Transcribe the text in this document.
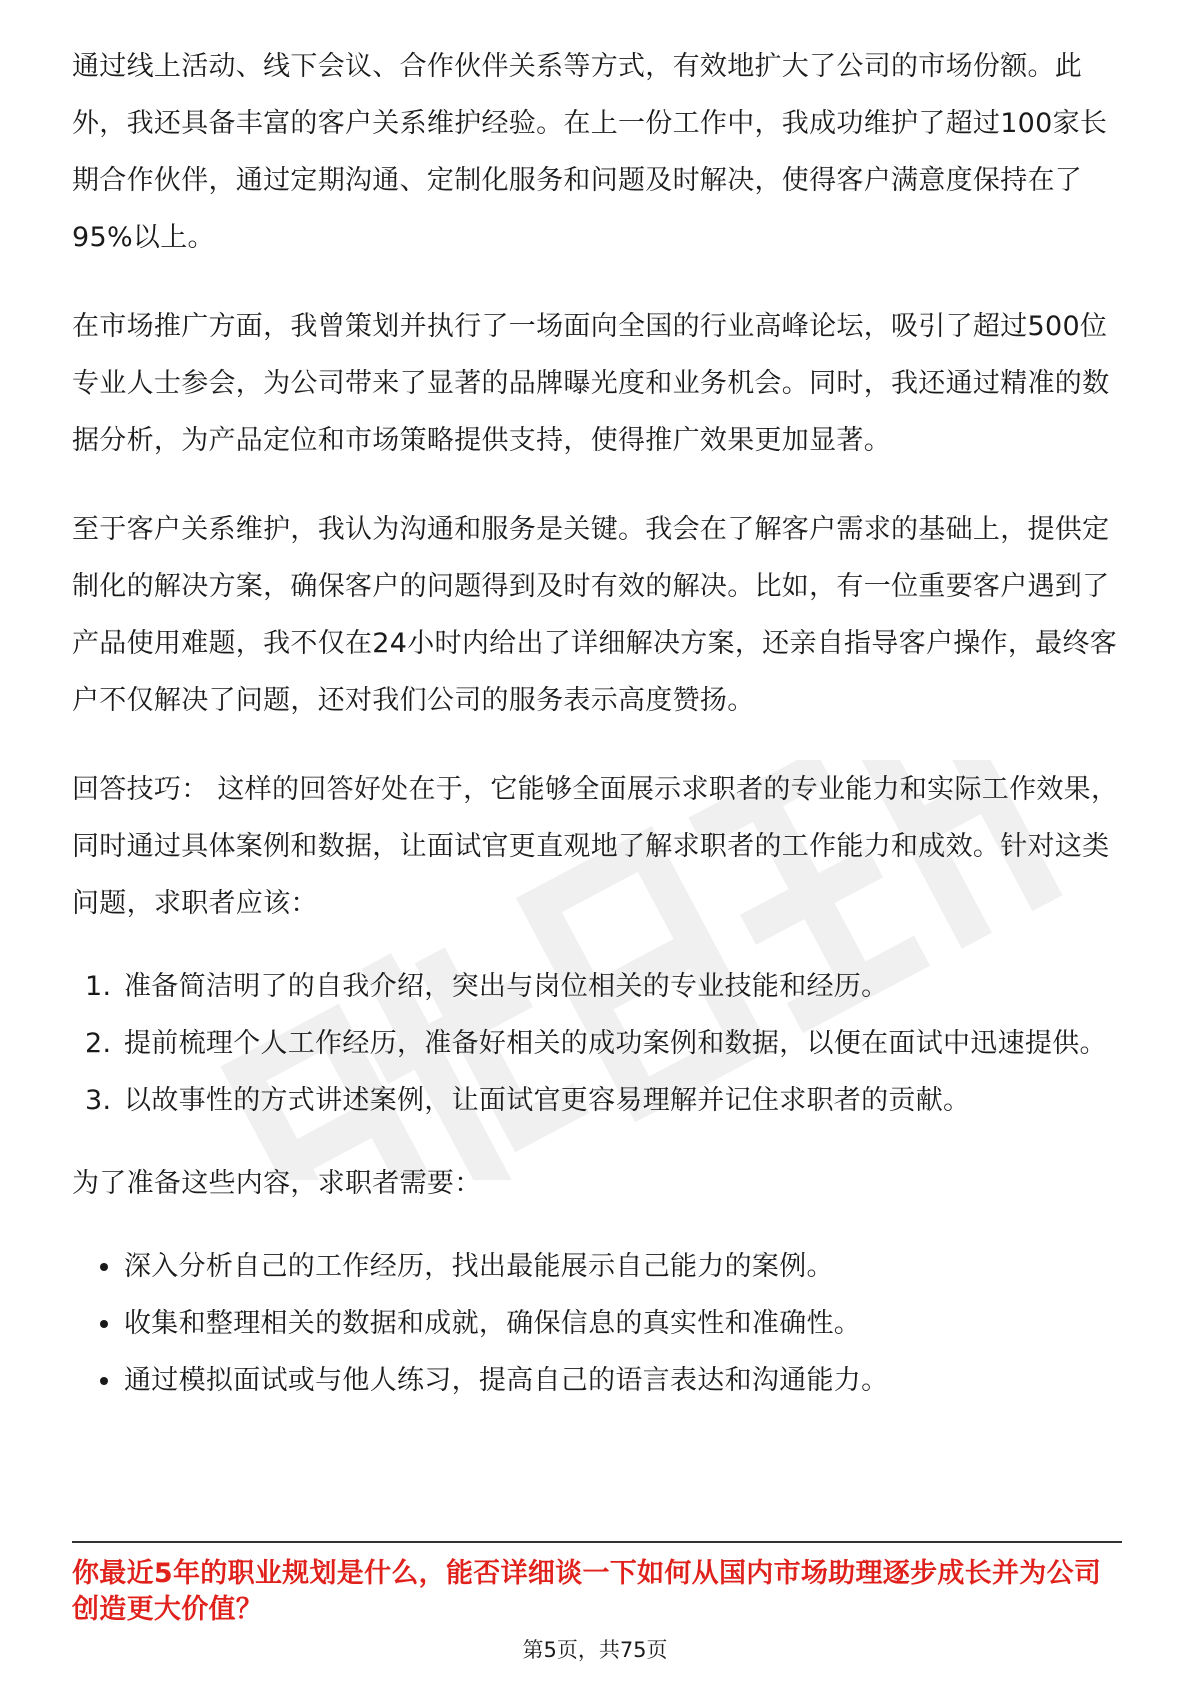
通过线上活动、线下会议、合作伙伴关系等方式，有效地扩大了公司的市场份额。此外，我还具备丰富的客户关系维护经验。在上一份工作中，我成功维护了超过100家长期合作伙伴，通过定期沟通、定制化服务和问题及时解决，使得客户满意度保持在了95%以上。

在市场推广方面，我曾策划并执行了一场面向全国的行业高峰论坛，吸引了超过500位专业人士参会，为公司带来了显著的品牌曝光度和业务机会。同时，我还通过精准的数据分析，为产品定位和市场策略提供支持，使得推广效果更加显著。

至于客户关系维护，我认为沟通和服务是关键。我会在了解客户需求的基础上，提供定制化的解决方案，确保客户的问题得到及时有效的解决。比如，有一位重要客户遇到了产品使用难题，我不仅在24小时内给出了详细解决方案，还亲自指导客户操作，最终客户不仅解决了问题，还对我们公司的服务表示高度赞扬。

回答技巧： 这样的回答好处在于，它能够全面展示求职者的专业能力和实际工作效果，同时通过具体案例和数据，让面试官更直观地了解求职者的工作能力和成效。针对这类问题，求职者应该：

1. 准备简洁明了的自我介绍，突出与岗位相关的专业技能和经历。
2. 提前梳理个人工作经历，准备好相关的成功案例和数据，以便在面试中迅速提供。
3. 以故事性的方式讲述案例，让面试官更容易理解并记住求职者的贡献。

为了准备这些内容，求职者需要：

深入分析自己的工作经历，找出最能展示自己能力的案例。
收集和整理相关的数据和成就，确保信息的真实性和准确性。
通过模拟面试或与他人练习，提高自己的语言表达和沟通能力。

你最近5年的职业规划是什么，能否详细谈一下如何从国内市场助理逐步成长并为公司创造更大价值？

第5页，共75页
